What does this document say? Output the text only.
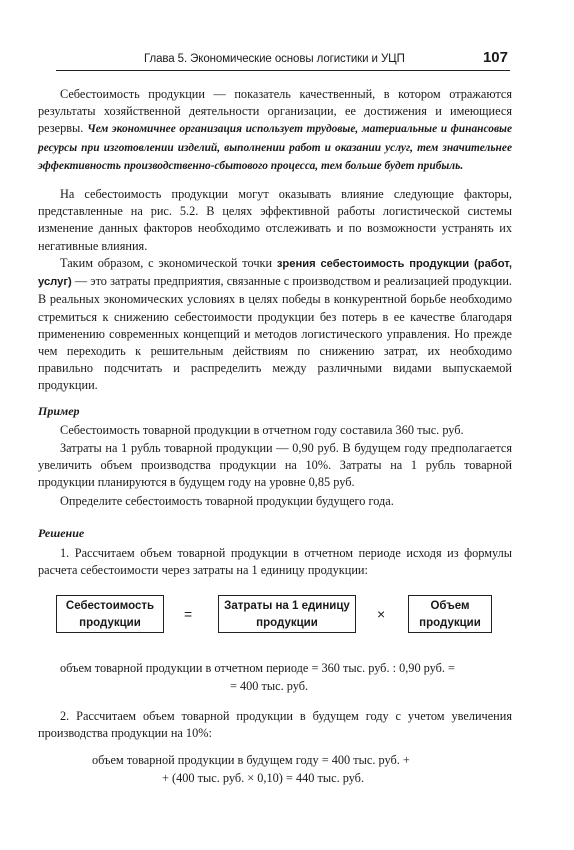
Глава 5. Экономические основы логистики и УЦП	107

Себестоимость продукции — показатель качественный, в котором отражаются результаты хозяйственной деятельности организации, ее достижения и имеющиеся резервы. Чем экономичнее организация использует трудовые, материальные и финансовые ресурсы при изготовлении изделий, выполнении работ и оказании услуг, тем значительнее эффективность производственно-сбытового процесса, тем больше будет прибыль.

На себестоимость продукции могут оказывать влияние следующие факторы, представленные на рис. 5.2. В целях эффективной работы логистической системы изменение данных факторов необходимо отслеживать и по возможности устранять их негативные влияния.

Таким образом, с экономической точки зрения себестоимость продукции (работ, услуг) — это затраты предприятия, связанные с производством и реализацией продукции. В реальных экономических условиях в целях победы в конкурентной борьбе необходимо стремиться к снижению себестоимости продукции без потерь в ее качестве благодаря применению современных концепций и методов логистического управления. Но прежде чем переходить к решительным действиям по снижению затрат, их необходимо правильно подсчитать и распределить между различными видами выпускаемой продукции.

Пример

Себестоимость товарной продукции в отчетном году составила 360 тыс. руб.

Затраты на 1 рубль товарной продукции — 0,90 руб. В будущем году предполагается увеличить объем производства продукции на 10%. Затраты на 1 рубль товарной продукции планируются в будущем году на уровне 0,85 руб.

Определите себестоимость товарной продукции будущего года.

Решение

1. Рассчитаем объем товарной продукции в отчетном периоде исходя из формулы расчета себестоимости через затраты на 1 единицу продукции:

Себестоимость
продукции
=	Затраты на 1 единицу
продукции
×	Объем
продукции
объем товарной продукции в отчетном периоде = 360 тыс. руб. : 0,90 руб. =
= 400 тыс. руб.

2. Рассчитаем объем товарной продукции в будущем году с учетом увеличения производства продукции на 10%:

объем товарной продукции в будущем году = 400 тыс. руб. +
+ (400 тыс. руб. × 0,10) = 440 тыс. руб.
